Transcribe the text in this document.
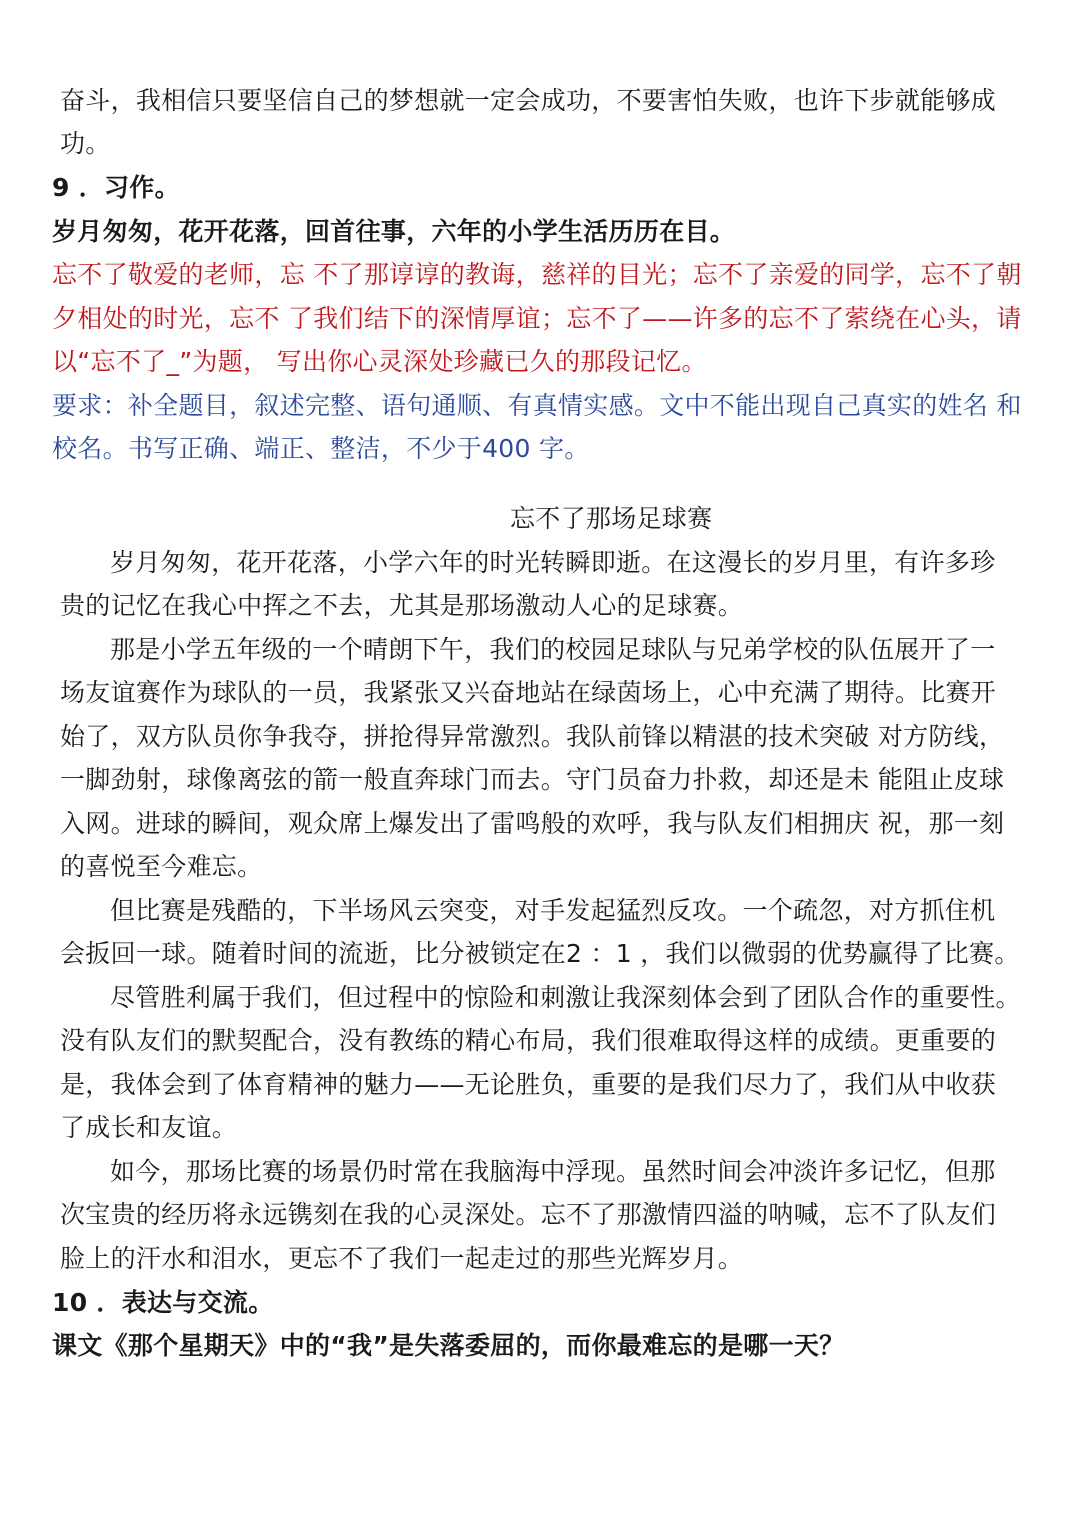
奋斗，我相信只要坚信自己的梦想就一定会成功，不要害怕失败，也许下步就能够成
功。
9 ．习作。
岁月匆匆，花开花落，回首往事，六年的小学生活历历在目。
忘不了敬爱的老师，忘 不了那谆谆的教诲，慈祥的目光；忘不了亲爱的同学，忘不了朝
夕相处的时光，忘不 了我们结下的深情厚谊；忘不了——许多的忘不了萦绕在心头，请
以“忘不了_”为题， 写出你心灵深处珍藏已久的那段记忆。
要求：补全题目，叙述完整、语句通顺、有真情实感。文中不能出现自己真实的姓名 和
校名。书写正确、端正、整洁，不少于400 字。
忘不了那场足球赛
岁月匆匆，花开花落，小学六年的时光转瞬即逝。在这漫长的岁月里，有许多珍
贵的记忆在我心中挥之不去，尤其是那场激动人心的足球赛。
那是小学五年级的一个晴朗下午，我们的校园足球队与兄弟学校的队伍展开了一
场友谊赛作为球队的一员，我紧张又兴奋地站在绿茵场上，心中充满了期待。比赛开
始了，双方队员你争我夺，拼抢得异常激烈。我队前锋以精湛的技术突破 对方防线，
一脚劲射，球像离弦的箭一般直奔球门而去。守门员奋力扑救，却还是未 能阻止皮球
入网。进球的瞬间，观众席上爆发出了雷鸣般的欢呼，我与队友们相拥庆 祝，那一刻
的喜悦至今难忘。
但比赛是残酷的，下半场风云突变，对手发起猛烈反攻。一个疏忽，对方抓住机
会扳回一球。随着时间的流逝，比分被锁定在2 ：1 ，我们以微弱的优势赢得了比赛。
尽管胜利属于我们，但过程中的惊险和刺激让我深刻体会到了团队合作的重要性。
没有队友们的默契配合，没有教练的精心布局，我们很难取得这样的成绩。更重要的
是，我体会到了体育精神的魅力——无论胜负，重要的是我们尽力了，我们从中收获
了成长和友谊。
如今，那场比赛的场景仍时常在我脑海中浮现。虽然时间会冲淡许多记忆，但那
次宝贵的经历将永远镌刻在我的心灵深处。忘不了那激情四溢的呐喊，忘不了队友们
脸上的汗水和泪水，更忘不了我们一起走过的那些光辉岁月。
10 ．表达与交流。
课文《那个星期天》中的“我”是失落委屈的，而你最难忘的是哪一天？
